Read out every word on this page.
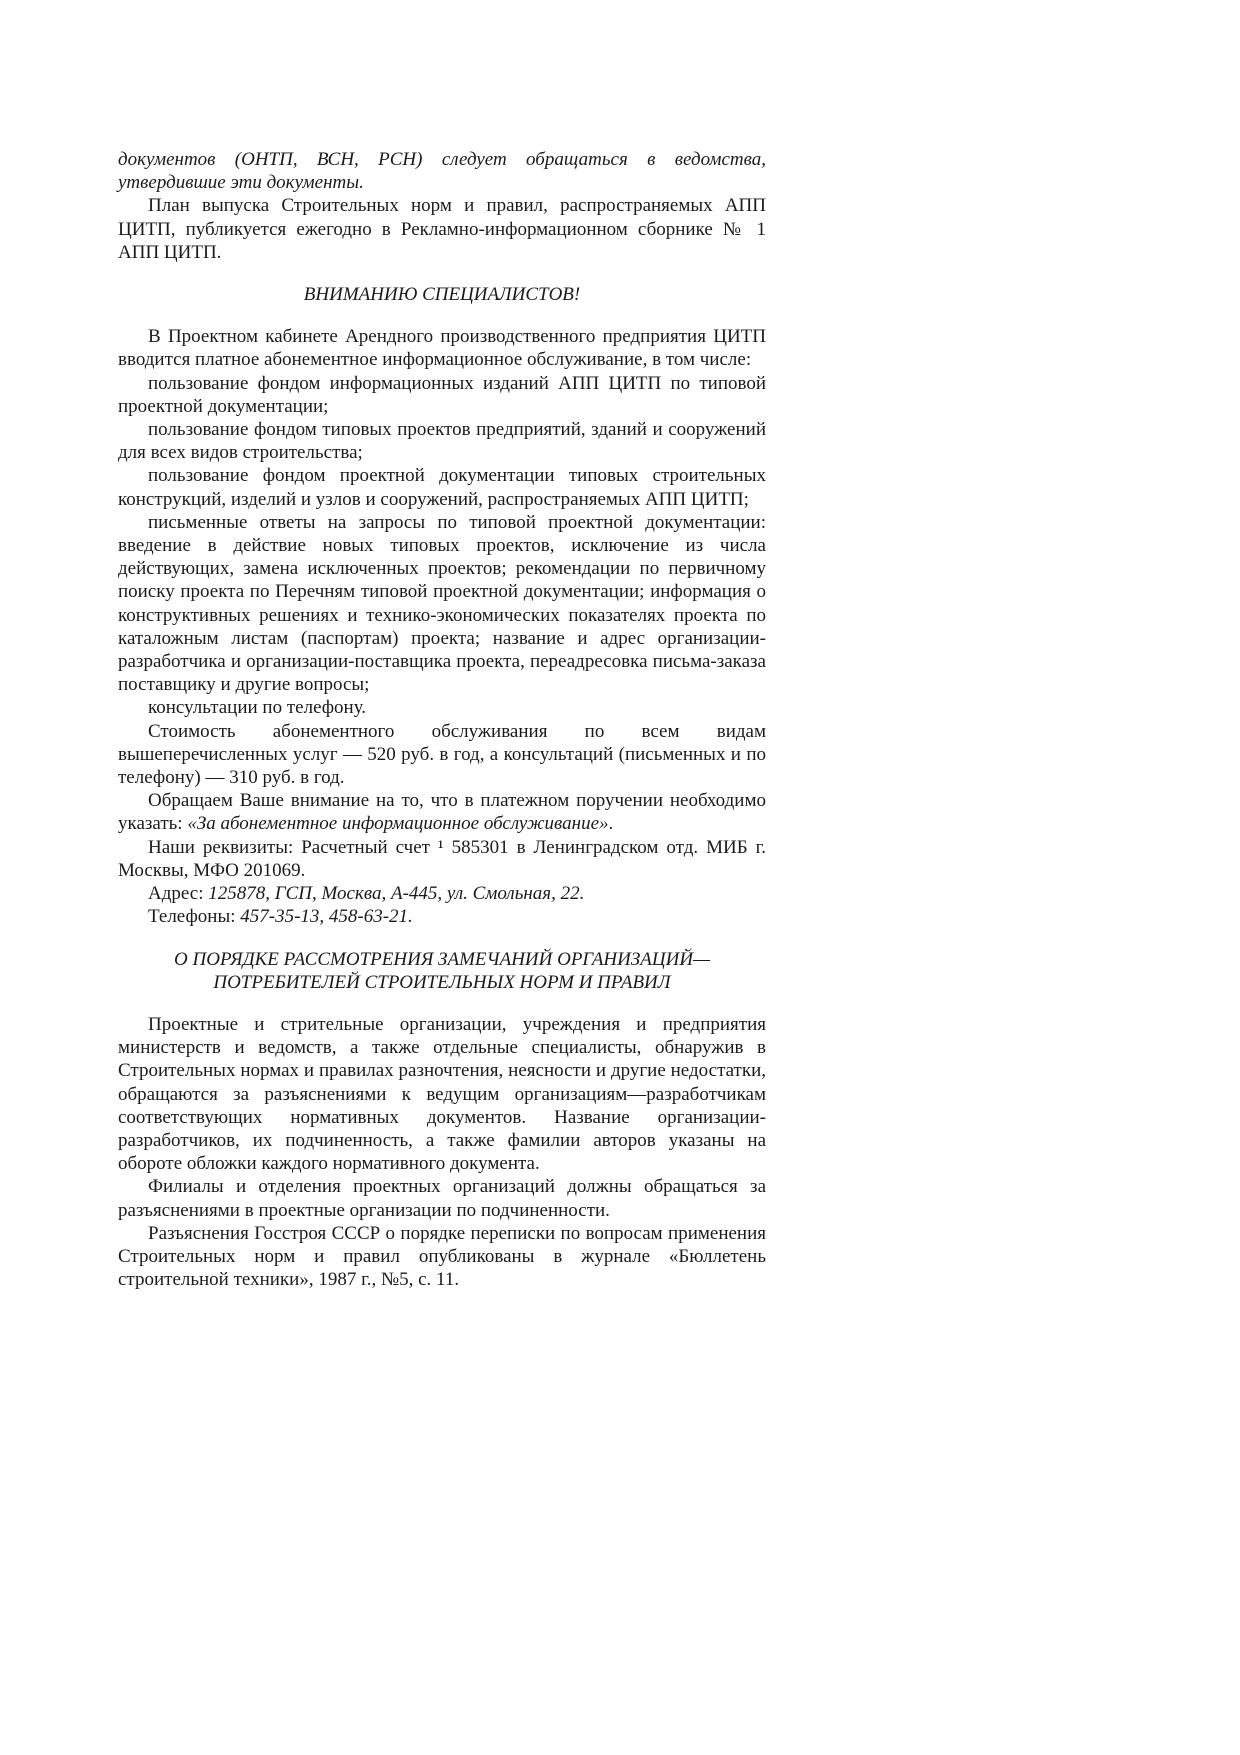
документов (ОНТП, ВСН, РСН) следует обращаться в ведомства, утвердившие эти документы.

План выпуска Строительных норм и правил, распространяемых АПП ЦИТП, публикуется ежегодно в Рекламно-информационном сборнике № 1 АПП ЦИТП.

ВНИМАНИЮ СПЕЦИАЛИСТОВ!

В Проектном кабинете Арендного производственного предприятия ЦИТП вводится платное абонементное информационное обслуживание, в том числе:

пользование фондом информационных изданий АПП ЦИТП по типовой проектной документации;

пользование фондом типовых проектов предприятий, зданий и сооружений для всех видов строительства;

пользование фондом проектной документации типовых строительных конструкций, изделий и узлов и сооружений, распространяемых АПП ЦИТП;

письменные ответы на запросы по типовой проектной документации: введение в действие новых типовых проектов, исключение из числа действующих, замена исключенных проектов; рекомендации по первичному поиску проекта по Перечням типовой проектной документации; информация о конструктивных решениях и технико-экономических показателях проекта по каталожным листам (паспортам) проекта; название и адрес организации-разработчика и организации-поставщика проекта, переадресовка письма-заказа поставщику и другие вопросы;

консультации по телефону.

Стоимость абонементного обслуживания по всем видам вышеперечисленных услуг — 520 руб. в год, а консультаций (письменных и по телефону) — 310 руб. в год.

Обращаем Ваше внимание на то, что в платежном поручении необходимо указать: «За абонементное информационное обслуживание».

Наши реквизиты: Расчетный счет ¹ 585301 в Ленинградском отд. МИБ г. Москвы, МФО 201069.

Адрес: 125878, ГСП, Москва, А-445, ул. Смольная, 22.

Телефоны: 457-35-13, 458-63-21.

О ПОРЯДКЕ РАССМОТРЕНИЯ ЗАМЕЧАНИЙ ОРГАНИЗАЦИЙ—

ПОТРЕБИТЕЛЕЙ СТРОИТЕЛЬНЫХ НОРМ И ПРАВИЛ

Проектные и стрительные организации, учреждения и предприятия министерств и ведомств, а также отдельные специалисты, обнаружив в Строительных нормах и правилах разночтения, неясности и другие недостатки, обращаются за разъяснениями к ведущим организациям—разработчикам соответствующих нормативных документов. Название организации-разработчиков, их подчиненность, а также фамилии авторов указаны на обороте обложки каждого нормативного документа.

Филиалы и отделения проектных организаций должны обращаться за разъяснениями в проектные организации по подчиненности.

Разъяснения Госстроя СССР о порядке переписки по вопросам применения Строительных норм и правил опубликованы в журнале «Бюллетень строительной техники», 1987 г., №5, с. 11.
